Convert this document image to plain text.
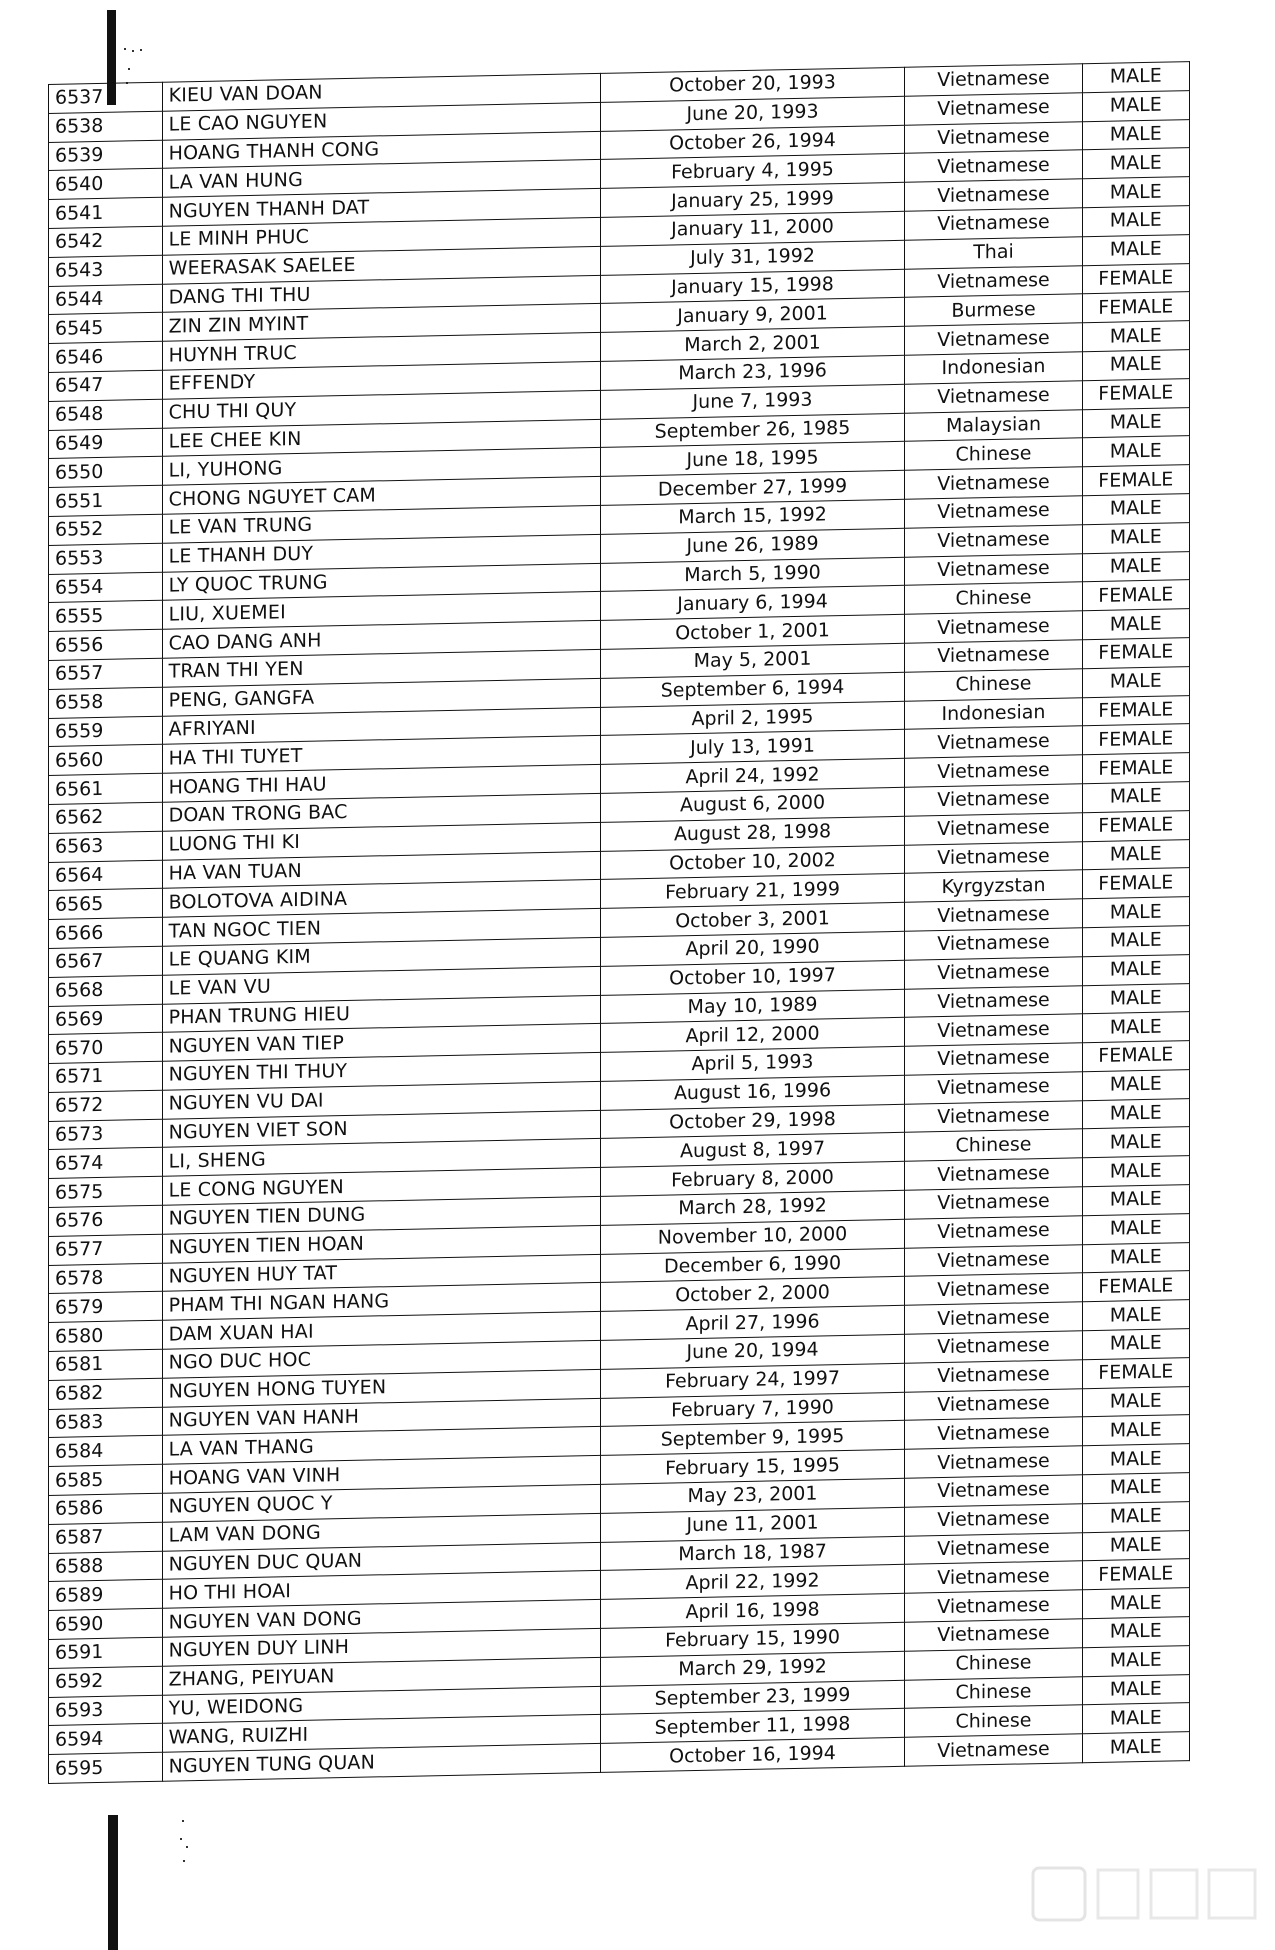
6537	KIEU VAN DOAN	October 20, 1993	Vietnamese	MALE
6538	LE CAO NGUYEN	June 20, 1993	Vietnamese	MALE
6539	HOANG THANH CONG	October 26, 1994	Vietnamese	MALE
6540	LA VAN HUNG	February 4, 1995	Vietnamese	MALE
6541	NGUYEN THANH DAT	January 25, 1999	Vietnamese	MALE
6542	LE MINH PHUC	January 11, 2000	Vietnamese	MALE
6543	WEERASAK SAELEE	July 31, 1992	Thai	MALE
6544	DANG THI THU	January 15, 1998	Vietnamese	FEMALE
6545	ZIN ZIN MYINT	January 9, 2001	Burmese	FEMALE
6546	HUYNH TRUC	March 2, 2001	Vietnamese	MALE
6547	EFFENDY	March 23, 1996	Indonesian	MALE
6548	CHU THI QUY	June 7, 1993	Vietnamese	FEMALE
6549	LEE CHEE KIN	September 26, 1985	Malaysian	MALE
6550	LI, YUHONG	June 18, 1995	Chinese	MALE
6551	CHONG NGUYET CAM	December 27, 1999	Vietnamese	FEMALE
6552	LE VAN TRUNG	March 15, 1992	Vietnamese	MALE
6553	LE THANH DUY	June 26, 1989	Vietnamese	MALE
6554	LY QUOC TRUNG	March 5, 1990	Vietnamese	MALE
6555	LIU, XUEMEI	January 6, 1994	Chinese	FEMALE
6556	CAO DANG ANH	October 1, 2001	Vietnamese	MALE
6557	TRAN THI YEN	May 5, 2001	Vietnamese	FEMALE
6558	PENG, GANGFA	September 6, 1994	Chinese	MALE
6559	AFRIYANI	April 2, 1995	Indonesian	FEMALE
6560	HA THI TUYET	July 13, 1991	Vietnamese	FEMALE
6561	HOANG THI HAU	April 24, 1992	Vietnamese	FEMALE
6562	DOAN TRONG BAC	August 6, 2000	Vietnamese	MALE
6563	LUONG THI KI	August 28, 1998	Vietnamese	FEMALE
6564	HA VAN TUAN	October 10, 2002	Vietnamese	MALE
6565	BOLOTOVA AIDINA	February 21, 1999	Kyrgyzstan	FEMALE
6566	TAN NGOC TIEN	October 3, 2001	Vietnamese	MALE
6567	LE QUANG KIM	April 20, 1990	Vietnamese	MALE
6568	LE VAN VU	October 10, 1997	Vietnamese	MALE
6569	PHAN TRUNG HIEU	May 10, 1989	Vietnamese	MALE
6570	NGUYEN VAN TIEP	April 12, 2000	Vietnamese	MALE
6571	NGUYEN THI THUY	April 5, 1993	Vietnamese	FEMALE
6572	NGUYEN VU DAI	August 16, 1996	Vietnamese	MALE
6573	NGUYEN VIET SON	October 29, 1998	Vietnamese	MALE
6574	LI, SHENG	August 8, 1997	Chinese	MALE
6575	LE CONG NGUYEN	February 8, 2000	Vietnamese	MALE
6576	NGUYEN TIEN DUNG	March 28, 1992	Vietnamese	MALE
6577	NGUYEN TIEN HOAN	November 10, 2000	Vietnamese	MALE
6578	NGUYEN HUY TAT	December 6, 1990	Vietnamese	MALE
6579	PHAM THI NGAN HANG	October 2, 2000	Vietnamese	FEMALE
6580	DAM XUAN HAI	April 27, 1996	Vietnamese	MALE
6581	NGO DUC HOC	June 20, 1994	Vietnamese	MALE
6582	NGUYEN HONG TUYEN	February 24, 1997	Vietnamese	FEMALE
6583	NGUYEN VAN HANH	February 7, 1990	Vietnamese	MALE
6584	LA VAN THANG	September 9, 1995	Vietnamese	MALE
6585	HOANG VAN VINH	February 15, 1995	Vietnamese	MALE
6586	NGUYEN QUOC Y	May 23, 2001	Vietnamese	MALE
6587	LAM VAN DONG	June 11, 2001	Vietnamese	MALE
6588	NGUYEN DUC QUAN	March 18, 1987	Vietnamese	MALE
6589	HO THI HOAI	April 22, 1992	Vietnamese	FEMALE
6590	NGUYEN VAN DONG	April 16, 1998	Vietnamese	MALE
6591	NGUYEN DUY LINH	February 15, 1990	Vietnamese	MALE
6592	ZHANG, PEIYUAN	March 29, 1992	Chinese	MALE
6593	YU, WEIDONG	September 23, 1999	Chinese	MALE
6594	WANG, RUIZHI	September 11, 1998	Chinese	MALE
6595	NGUYEN TUNG QUAN	October 16, 1994	Vietnamese	MALE
